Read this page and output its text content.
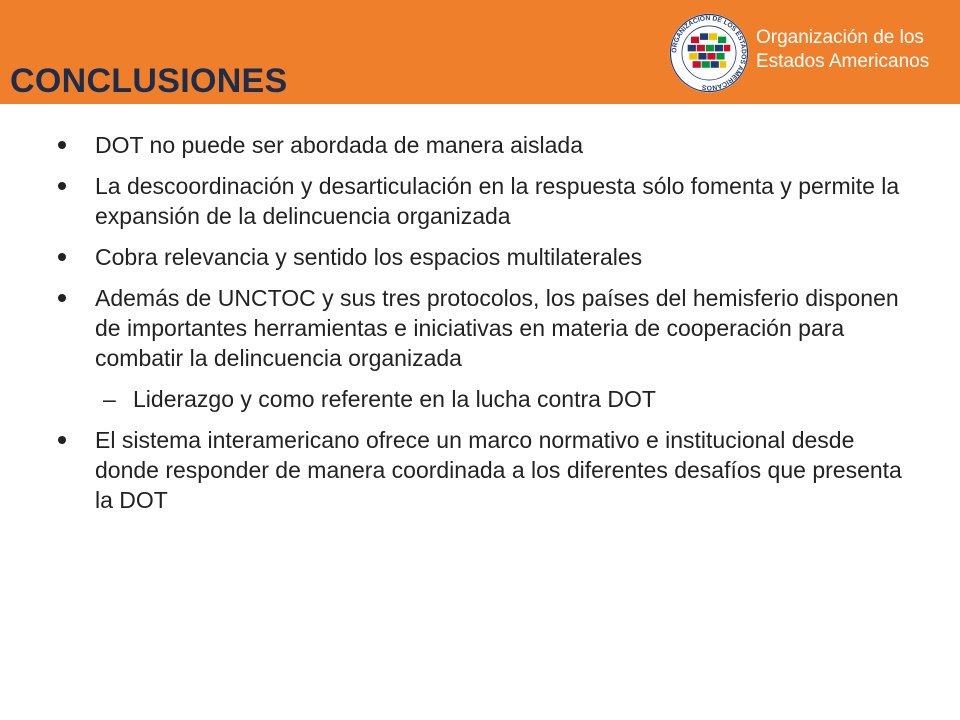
CONCLUSIONES
ORGANIZACIÓN DE LOS ESTADOS AMERICANOS
Organización de los
Estados Americanos
DOT no puede ser abordada de manera aislada
La descoordinación y desarticulación en la respuesta sólo fomenta y permite la expansión de la delincuencia organizada
Cobra relevancia y sentido los espacios multilaterales
Además de UNCTOC y sus tres protocolos, los países del hemisferio disponen de importantes herramientas e iniciativas en materia de cooperación para combatir la delincuencia organizada
– Liderazgo y como referente en la lucha contra DOT
El sistema interamericano ofrece un marco normativo e institucional desde donde responder de manera coordinada a los diferentes desafíos que presenta la DOT
